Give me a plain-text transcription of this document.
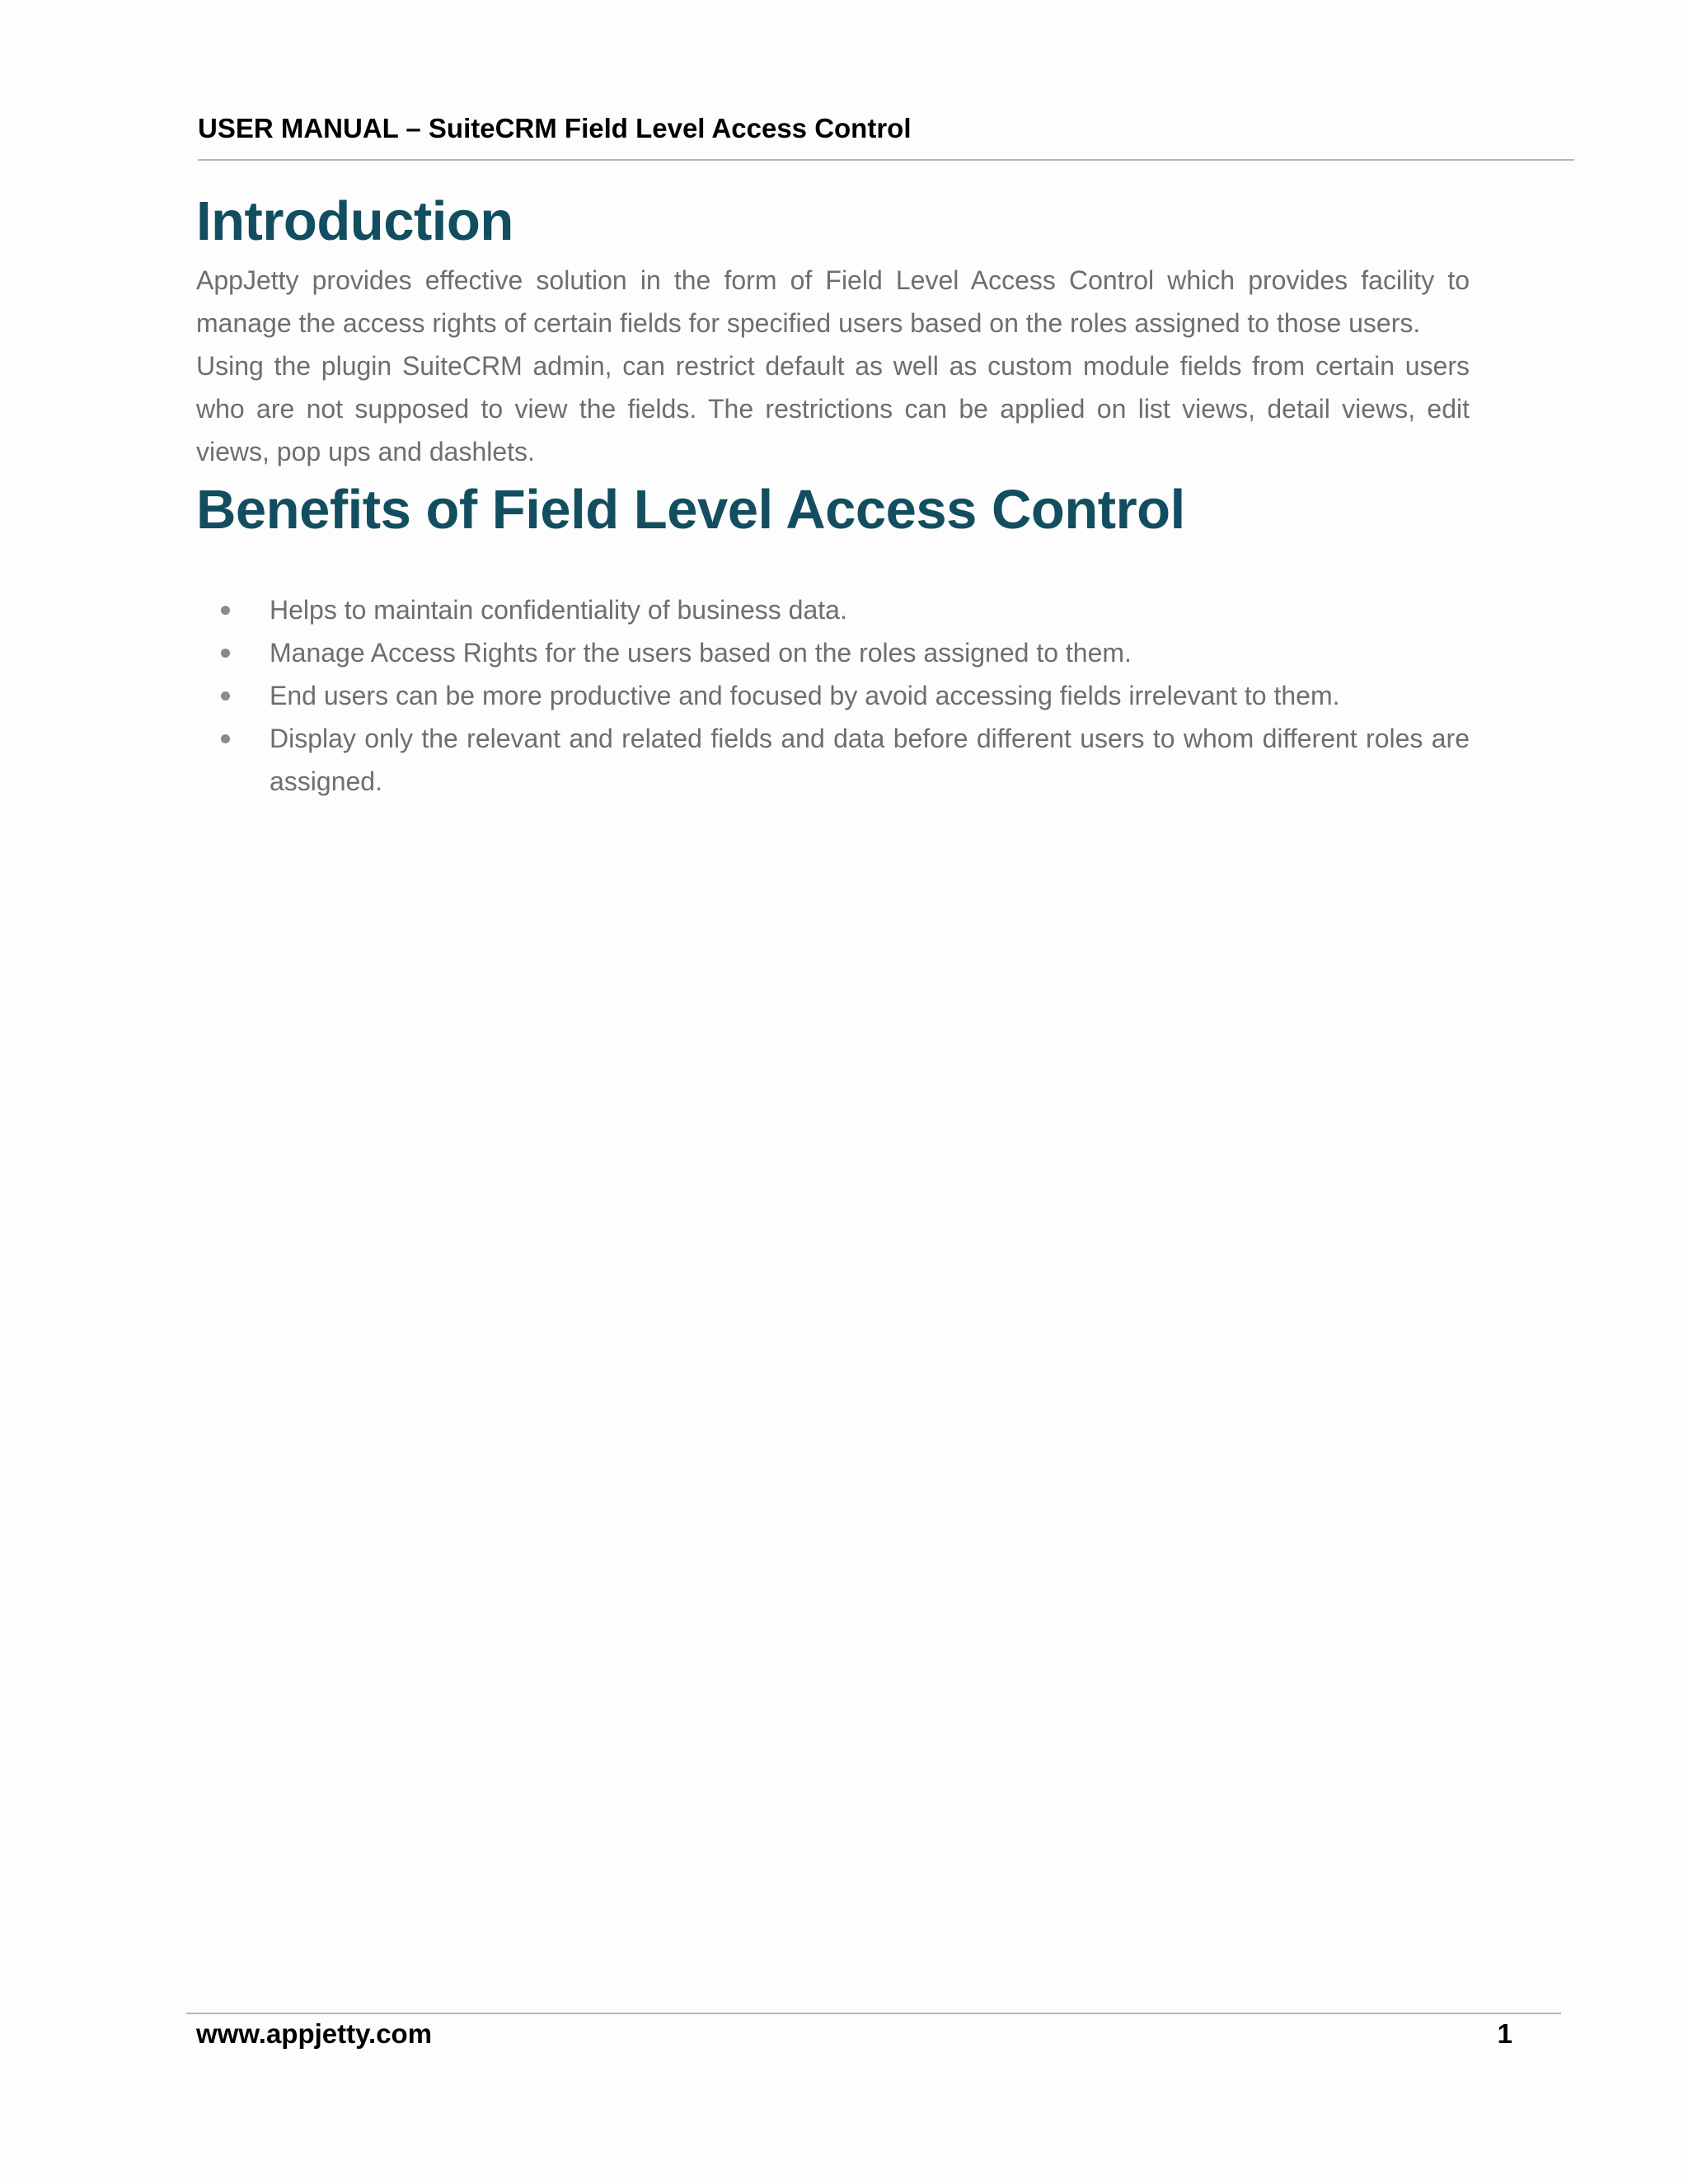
USER MANUAL – SuiteCRM Field Level Access Control

Introduction

AppJetty provides effective solution in the form of Field Level Access Control which provides facility to manage the access rights of certain fields for specified users based on the roles assigned to those users.

Using the plugin SuiteCRM admin, can restrict default as well as custom module fields from certain users who are not supposed to view the fields. The restrictions can be applied on list views, detail views, edit views, pop ups and dashlets.

Benefits of Field Level Access Control
Helps to maintain confidentiality of business data.
Manage Access Rights for the users based on the roles assigned to them.
End users can be more productive and focused by avoid accessing fields irrelevant to them.
Display only the relevant and related fields and data before different users to whom different roles are assigned.
www.appjetty.com	1
